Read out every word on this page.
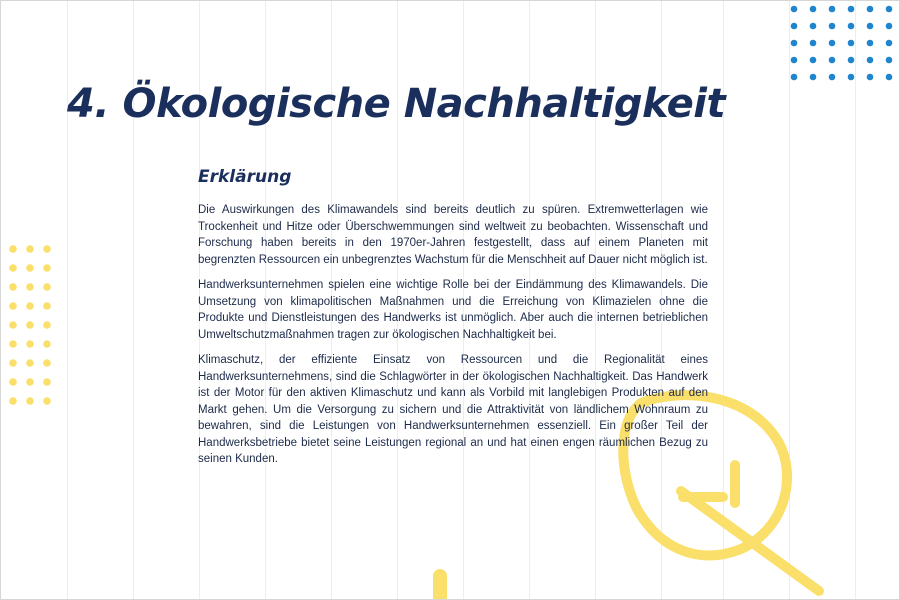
4. Ökologische Nachhaltigkeit
Erklärung

Die Auswirkungen des Klimawandels sind bereits deutlich zu spüren. Extremwetterlagen wie Trockenheit und Hitze oder Überschwemmungen sind weltweit zu beobachten. Wissenschaft und Forschung haben bereits in den 1970er-Jahren festgestellt, dass auf einem Planeten mit begrenzten Ressourcen ein unbegrenztes Wachstum für die Menschheit auf Dauer nicht möglich ist.

Handwerksunternehmen spielen eine wichtige Rolle bei der Eindämmung des Klimawandels. Die Umsetzung von klimapolitischen Maßnahmen und die Erreichung von Klimazielen ohne die Produkte und Dienstleistungen des Handwerks ist unmöglich. Aber auch die internen betrieblichen Umweltschutzmaßnahmen tragen zur ökologischen Nachhaltigkeit bei.

Klimaschutz, der effiziente Einsatz von Ressourcen und die Regionalität eines Handwerksunternehmens, sind die Schlagwörter in der ökologischen Nachhaltigkeit. Das Handwerk ist der Motor für den aktiven Klimaschutz und kann als Vorbild mit langlebigen Produkten auf den Markt gehen. Um die Versorgung zu sichern und die Attraktivität von ländlichem Wohnraum zu bewahren, sind die Leistungen von Handwerksunternehmen essenziell. Ein großer Teil der Handwerksbetriebe bietet seine Leistungen regional an und hat einen engen räumlichen Bezug zu seinen Kunden.
